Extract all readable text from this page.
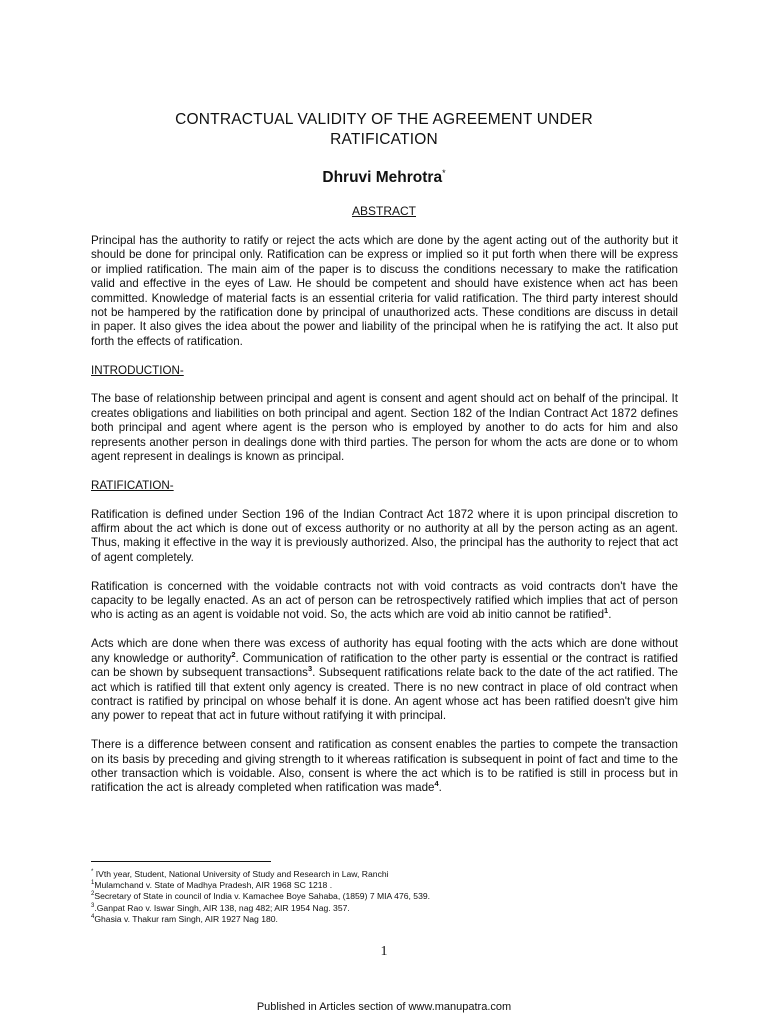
CONTRACTUAL VALIDITY OF THE AGREEMENT UNDER
RATIFICATION
Dhruvi Mehrotra*
ABSTRACT

Principal has the authority to ratify or reject the acts which are done by the agent acting out of the authority but it should be done for principal only. Ratification can be express or implied so it put forth when there will be express or implied ratification. The main aim of the paper is to discuss the conditions necessary to make the ratification valid and effective in the eyes of Law. He should be competent and should have existence when act has been committed. Knowledge of material facts is an essential criteria for valid ratification. The third party interest should not be hampered by the ratification done by principal of unauthorized acts. These conditions are discuss in detail in paper. It also gives the idea about the power and liability of the principal when he is ratifying the act. It also put forth the effects of ratification.

INTRODUCTION-

The base of relationship between principal and agent is consent and agent should act on behalf of the principal. It creates obligations and liabilities on both principal and agent. Section 182 of the Indian Contract Act 1872 defines both principal and agent where agent is the person who is employed by another to do acts for him and also represents another person in dealings done with third parties. The person for whom the acts are done or to whom agent represent in dealings is known as principal.

RATIFICATION-

Ratification is defined under Section 196 of the Indian Contract Act 1872 where it is upon principal discretion to affirm about the act which is done out of excess authority or no authority at all by the person acting as an agent. Thus, making it effective in the way it is previously authorized. Also, the principal has the authority to reject that act of agent completely.

Ratification is concerned with the voidable contracts not with void contracts as void contracts don't have the capacity to be legally enacted. As an act of person can be retrospectively ratified which implies that act of person who is acting as an agent is voidable not void. So, the acts which are void ab initio cannot be ratified$^1$.

Acts which are done when there was excess of authority has equal footing with the acts which are done without any knowledge or authority$^2$. Communication of ratification to the other party is essential or the contract is ratified can be shown by subsequent transactions$^3$. Subsequent ratifications relate back to the date of the act ratified. The act which is ratified till that extent only agency is created. There is no new contract in place of old contract when contract is ratified by principal on whose behalf it is done. An agent whose act has been ratified doesn't give him any power to repeat that act in future without ratifying it with principal.

There is a difference between consent and ratification as consent enables the parties to compete the transaction on its basis by preceding and giving strength to it whereas ratification is subsequent in point of fact and time to the other transaction which is voidable. Also, consent is where the act which is to be ratified is still in process but in ratification the act is already completed when ratification was made$^4$.

* IVth year, Student, National University of Study and Research in Law, Ranchi
$^1$Mulamchand v. State of Madhya Pradesh, AIR 1968 SC 1218 .
$^2$Secretary of State in council of India v. Kamachee Boye Sahaba, (1859) 7 MIA 476, 539.
$^3$.Ganpat Rao v. Iswar Singh, AIR 138, nag 482; AIR 1954 Nag. 357.
$^4$Ghasia v. Thakur ram Singh, AIR 1927 Nag 180.
1
Published in Articles section of www.manupatra.com
